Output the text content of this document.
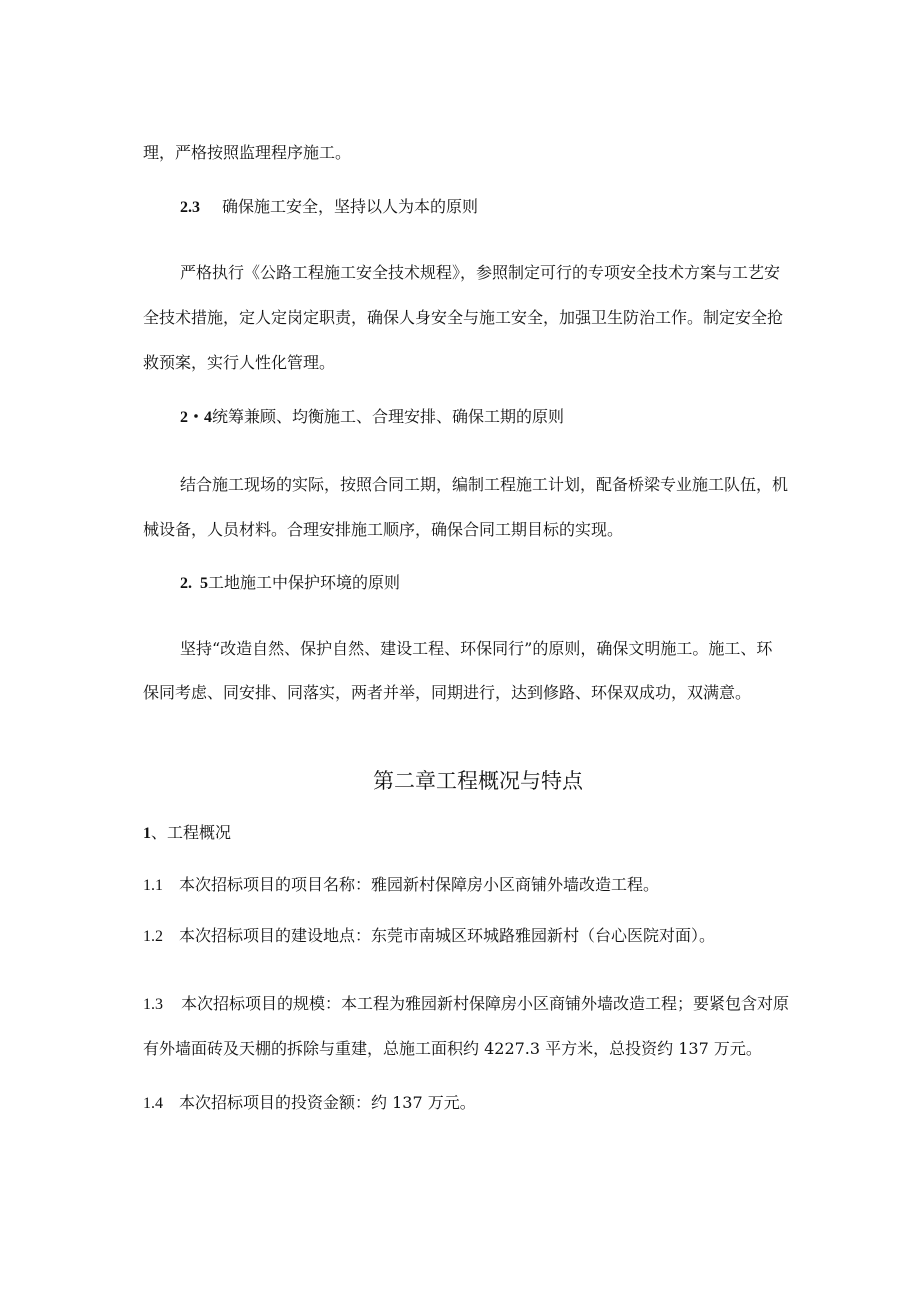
理，严格按照监理程序施工。
2.3 确保施工安全，坚持以人为本的原则
严格执行《公路工程施工安全技术规程》，参照制定可行的专项安全技术方案与工艺安
全技术措施，定人定岗定职责，确保人身安全与施工安全，加强卫生防治工作。制定安全抢
救预案，实行人性化管理。
2・4统筹兼顾、均衡施工、合理安排、确保工期的原则
结合施工现场的实际，按照合同工期，编制工程施工计划，配备桥梁专业施工队伍，机
械设备，人员材料。合理安排施工顺序，确保合同工期目标的实现。
2.  5工地施工中保护环境的原则
坚持“改造自然、保护自然、建设工程、环保同行”的原则，确保文明施工。施工、环
保同考虑、同安排、同落实，两者并举，同期进行，达到修路、环保双成功，双满意。
第二章工程概况与特点
1、工程概况
1.1 本次招标项目的项目名称：雅园新村保障房小区商铺外墙改造工程。
1.2 本次招标项目的建设地点：东莞市南城区环城路雅园新村（台心医院对面）。
1.3 本次招标项目的规模：本工程为雅园新村保障房小区商铺外墙改造工程；要紧包含对原
有外墙面砖及天棚的拆除与重建，总施工面积约 4227.3 平方米，总投资约 137 万元。
1.4 本次招标项目的投资金额：约 137 万元。
